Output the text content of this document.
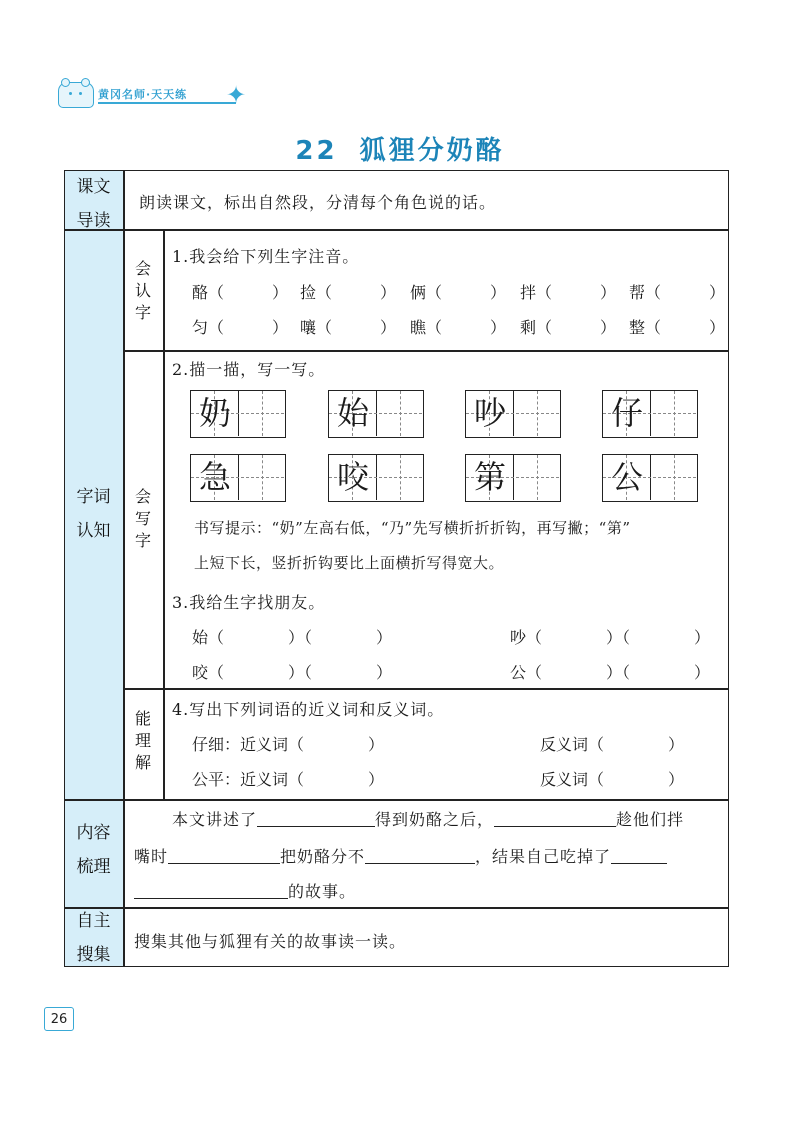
黄冈名师·天天练 ✦
22 狐狸分奶酪
课文
导读
朗读课文，标出自然段，分清每个角色说的话。
字词
认知
会
认
字
1.我会给下列生字注音。
酪（　　　） 捡（　　　） 俩（　　　） 拌（　　　） 帮（　　　）
匀（　　　） 嚷（　　　） 瞧（　　　） 剩（　　　） 整（　　　）
会
写
字
2.描一描，写一写。
奶	始	吵	仔
急	咬	第	公
书写提示：“奶”左高右低，“乃”先写横折折折钩，再写撇；“第”
上短下长，竖折折钩要比上面横折写得宽大。
3.我给生字找朋友。
始（　　　　）（　　　　）	吵（　　　　）（　　　　）
咬（　　　　）（　　　　）	公（　　　　）（　　　　）
能
理
解
4.写出下列词语的近义词和反义词。
仔细：近义词（　　　　）	反义词（　　　　）
公平：近义词（　　　　）	反义词（　　　　）
内容
梳理
本文讲述了	得到奶酪之后，	趁他们拌
嘴时	把奶酪分不	，结果自己吃掉了
的故事。
自主
搜集
搜集其他与狐狸有关的故事读一读。
26
